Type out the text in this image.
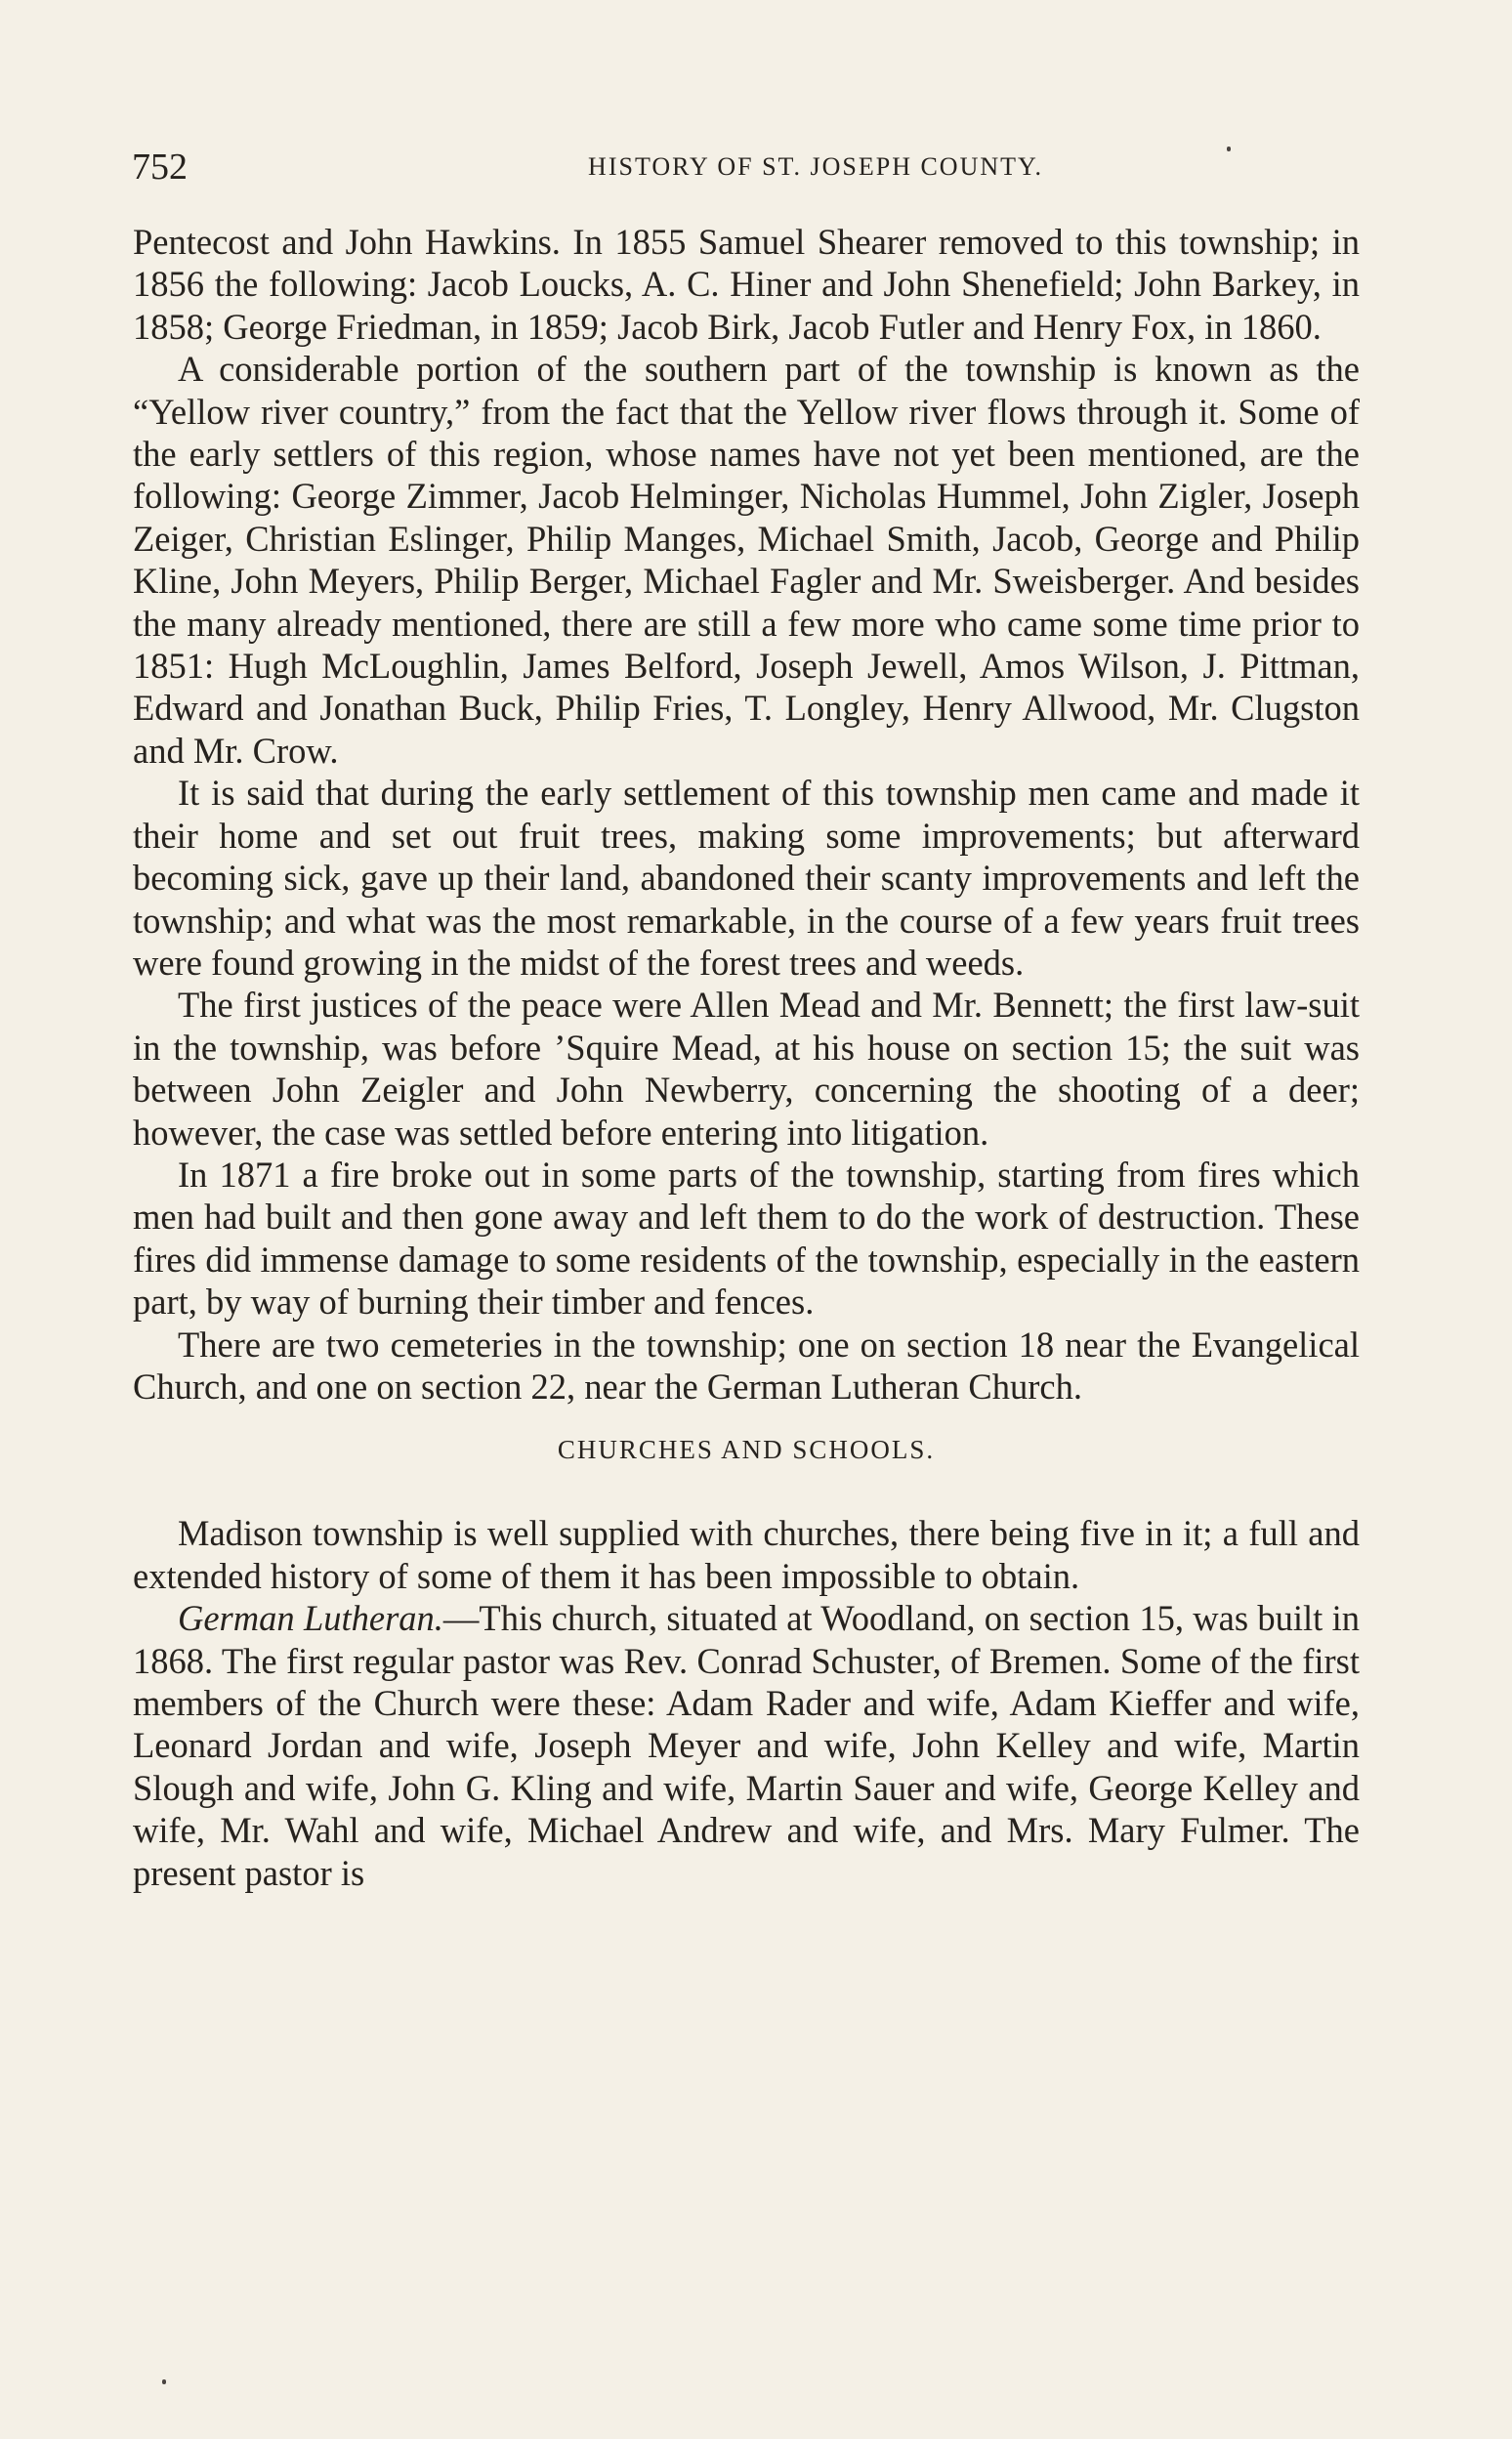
752	HISTORY OF ST. JOSEPH COUNTY.

Pentecost and John Hawkins. In 1855 Samuel Shearer removed to this township; in 1856 the following: Jacob Loucks, A. C. Hiner and John Shenefield; John Barkey, in 1858; George Friedman, in 1859; Jacob Birk, Jacob Futler and Henry Fox, in 1860.

A considerable portion of the southern part of the township is known as the “Yellow river country,” from the fact that the Yellow river flows through it. Some of the early settlers of this region, whose names have not yet been mentioned, are the following: George Zimmer, Jacob Helminger, Nicholas Hummel, John Zigler, Joseph Zeiger, Christian Eslinger, Philip Manges, Michael Smith, Jacob, George and Philip Kline, John Meyers, Philip Berger, Michael Fagler and Mr. Sweisberger. And besides the many already mentioned, there are still a few more who came some time prior to 1851: Hugh McLoughlin, James Belford, Joseph Jewell, Amos Wilson, J. Pittman, Edward and Jonathan Buck, Philip Fries, T. Longley, Henry Allwood, Mr. Clugston and Mr. Crow.

It is said that during the early settlement of this township men came and made it their home and set out fruit trees, making some improvements; but afterward becoming sick, gave up their land, abandoned their scanty improvements and left the township; and what was the most remarkable, in the course of a few years fruit trees were found growing in the midst of the forest trees and weeds.

The first justices of the peace were Allen Mead and Mr. Bennett; the first law-suit in the township, was before ’Squire Mead, at his house on section 15; the suit was between John Zeigler and John Newberry, concerning the shooting of a deer; however, the case was settled before entering into litigation.

In 1871 a fire broke out in some parts of the township, starting from fires which men had built and then gone away and left them to do the work of destruction. These fires did immense damage to some residents of the township, especially in the eastern part, by way of burning their timber and fences.

There are two cemeteries in the township; one on section 18 near the Evangelical Church, and one on section 22, near the German Lutheran Church.

CHURCHES AND SCHOOLS.

Madison township is well supplied with churches, there being five in it; a full and extended history of some of them it has been impossible to obtain.

German Lutheran.—This church, situated at Woodland, on section 15, was built in 1868. The first regular pastor was Rev. Conrad Schuster, of Bremen. Some of the first members of the Church were these: Adam Rader and wife, Adam Kieffer and wife, Leonard Jordan and wife, Joseph Meyer and wife, John Kelley and wife, Martin Slough and wife, John G. Kling and wife, Martin Sauer and wife, George Kelley and wife, Mr. Wahl and wife, Michael Andrew and wife, and Mrs. Mary Fulmer. The present pastor is
